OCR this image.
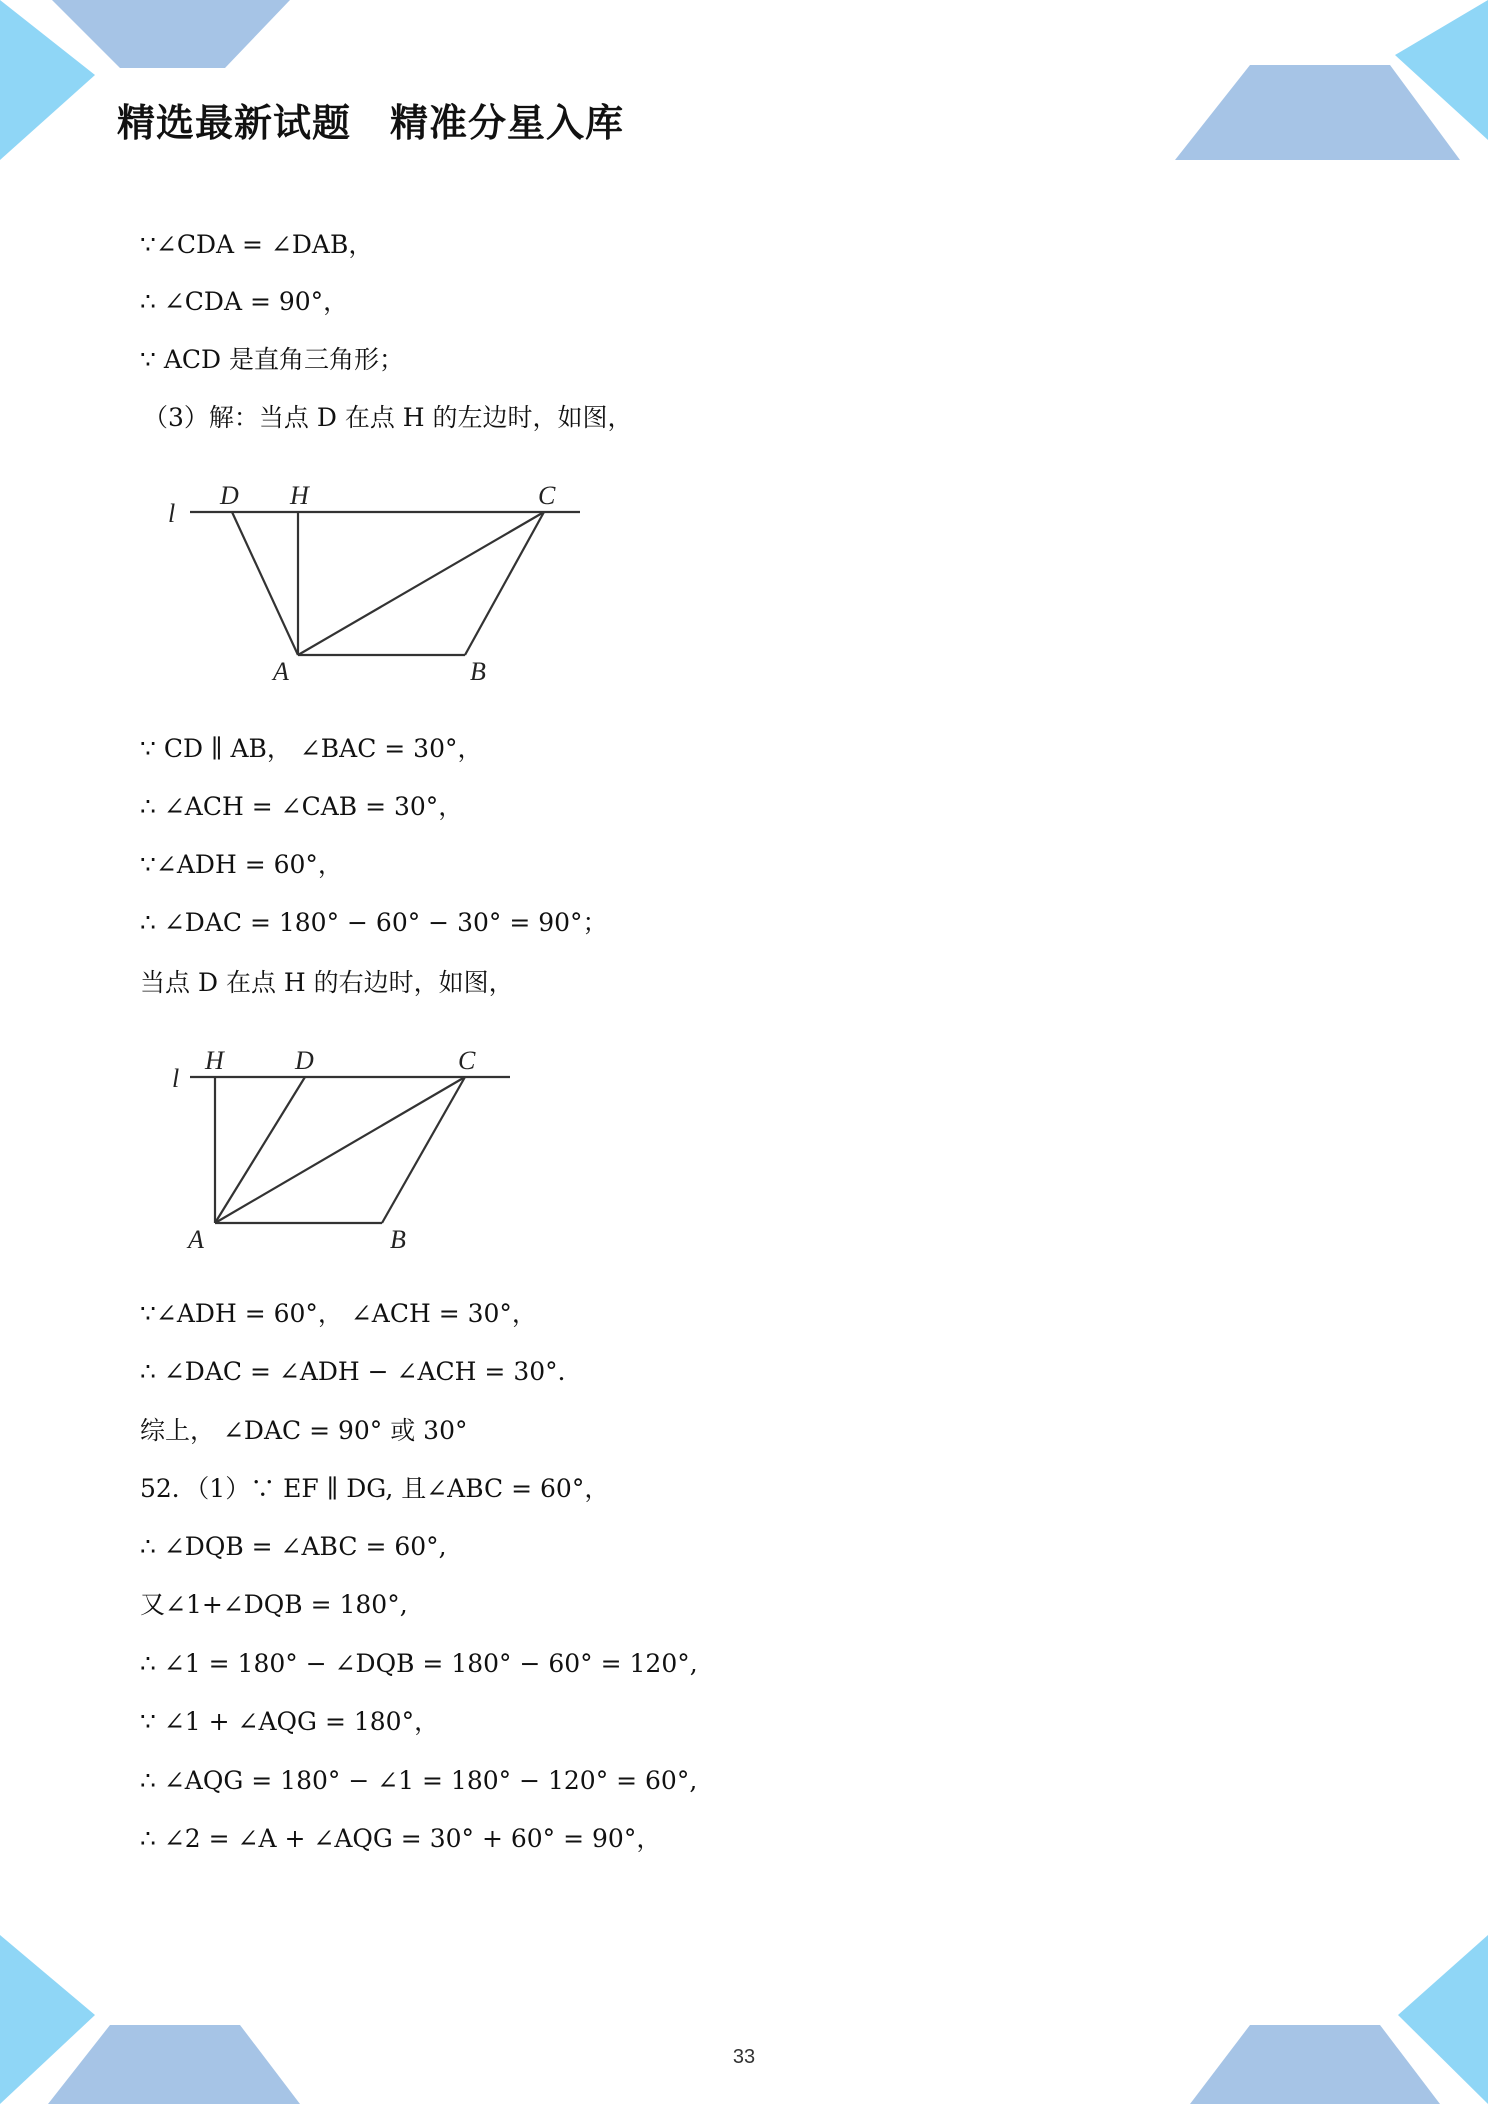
精选最新试题　精准分星入库
∵∠CDA = ∠DAB，
∴ ∠CDA = 90°，
∵ ACD 是直角三角形；
（3）解：当点 D 在点 H 的左边时，如图，
l
D H	C
A	B
∵ CD ∥ AB， ∠BAC = 30°，
∴ ∠ACH = ∠CAB = 30°，
∵∠ADH = 60°，
∴ ∠DAC = 180° − 60° − 30° = 90°；
当点 D 在点 H 的右边时，如图，
l
H	D	C
A	B
∵∠ADH = 60°， ∠ACH = 30°，
∴ ∠DAC = ∠ADH − ∠ACH = 30°．
综上， ∠DAC = 90° 或 30°
52．（1）∵ EF ∥ DG, 且∠ABC = 60°，
∴ ∠DQB = ∠ABC = 60°,
又∠1+∠DQB = 180°,
∴ ∠1 = 180° − ∠DQB = 180° − 60° = 120°,
∵ ∠1 + ∠AQG = 180°，
∴ ∠AQG = 180° − ∠1 = 180° − 120° = 60°,
∴ ∠2 = ∠A + ∠AQG = 30° + 60° = 90°，
33
